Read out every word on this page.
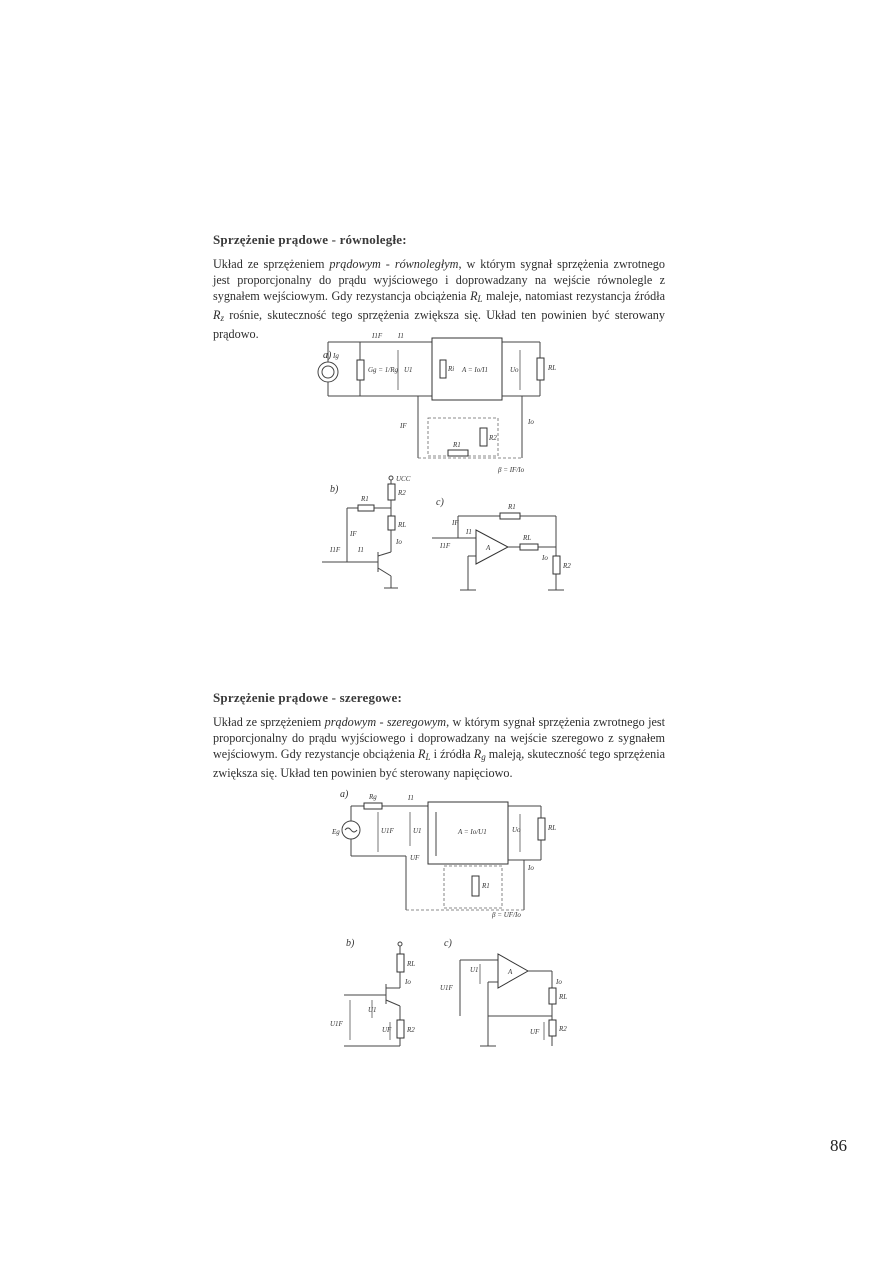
Sprzężenie prądowe - równoległe:
Układ ze sprzężeniem prądowym - równoległym, w którym sygnał sprzężenia zwrotnego jest proporcjonalny do prądu wyjściowego i doprowadzany na wejście równolegle z sygnałem wejściowym. Gdy rezystancja obciążenia $R_L$ maleje, natomiast rezystancja źródła $R_z$ rośnie, skuteczność tego sprzężenia zwiększa się. Układ ten powinien być sterowany prądowo.
a) Ig
Gg = 1/Rg
I1F I1
U1	Ri A = Io/I1	RL
Uo
IF	Io
R2
R1
β = IF/Io
b)
UCC
R2
RL
Io
R1
IF
I1F	I1
c)	R1
A
RL
Io
R2
IF
I1
I1F
a)
Eg
Rg	I1
U1F	U1
UF
A = Io/U1	RL
Uo
R1
Io
β = UF/Io
b)
RL
Io
R2
U1
U1F
UF
c)
A
Io
RL
R2
U1
U1F
UF
Sprzężenie prądowe - szeregowe:
Układ ze sprzężeniem prądowym - szeregowym, w którym sygnał sprzężenia zwrotnego jest proporcjonalny do prądu wyjściowego i doprowadzany na wejście szeregowo z sygnałem wejściowym. Gdy rezystancje obciążenia $R_L$ i źródła $R_g$ maleją, skuteczność tego sprzężenia zwiększa się. Układ ten powinien być sterowany napięciowo.
86
